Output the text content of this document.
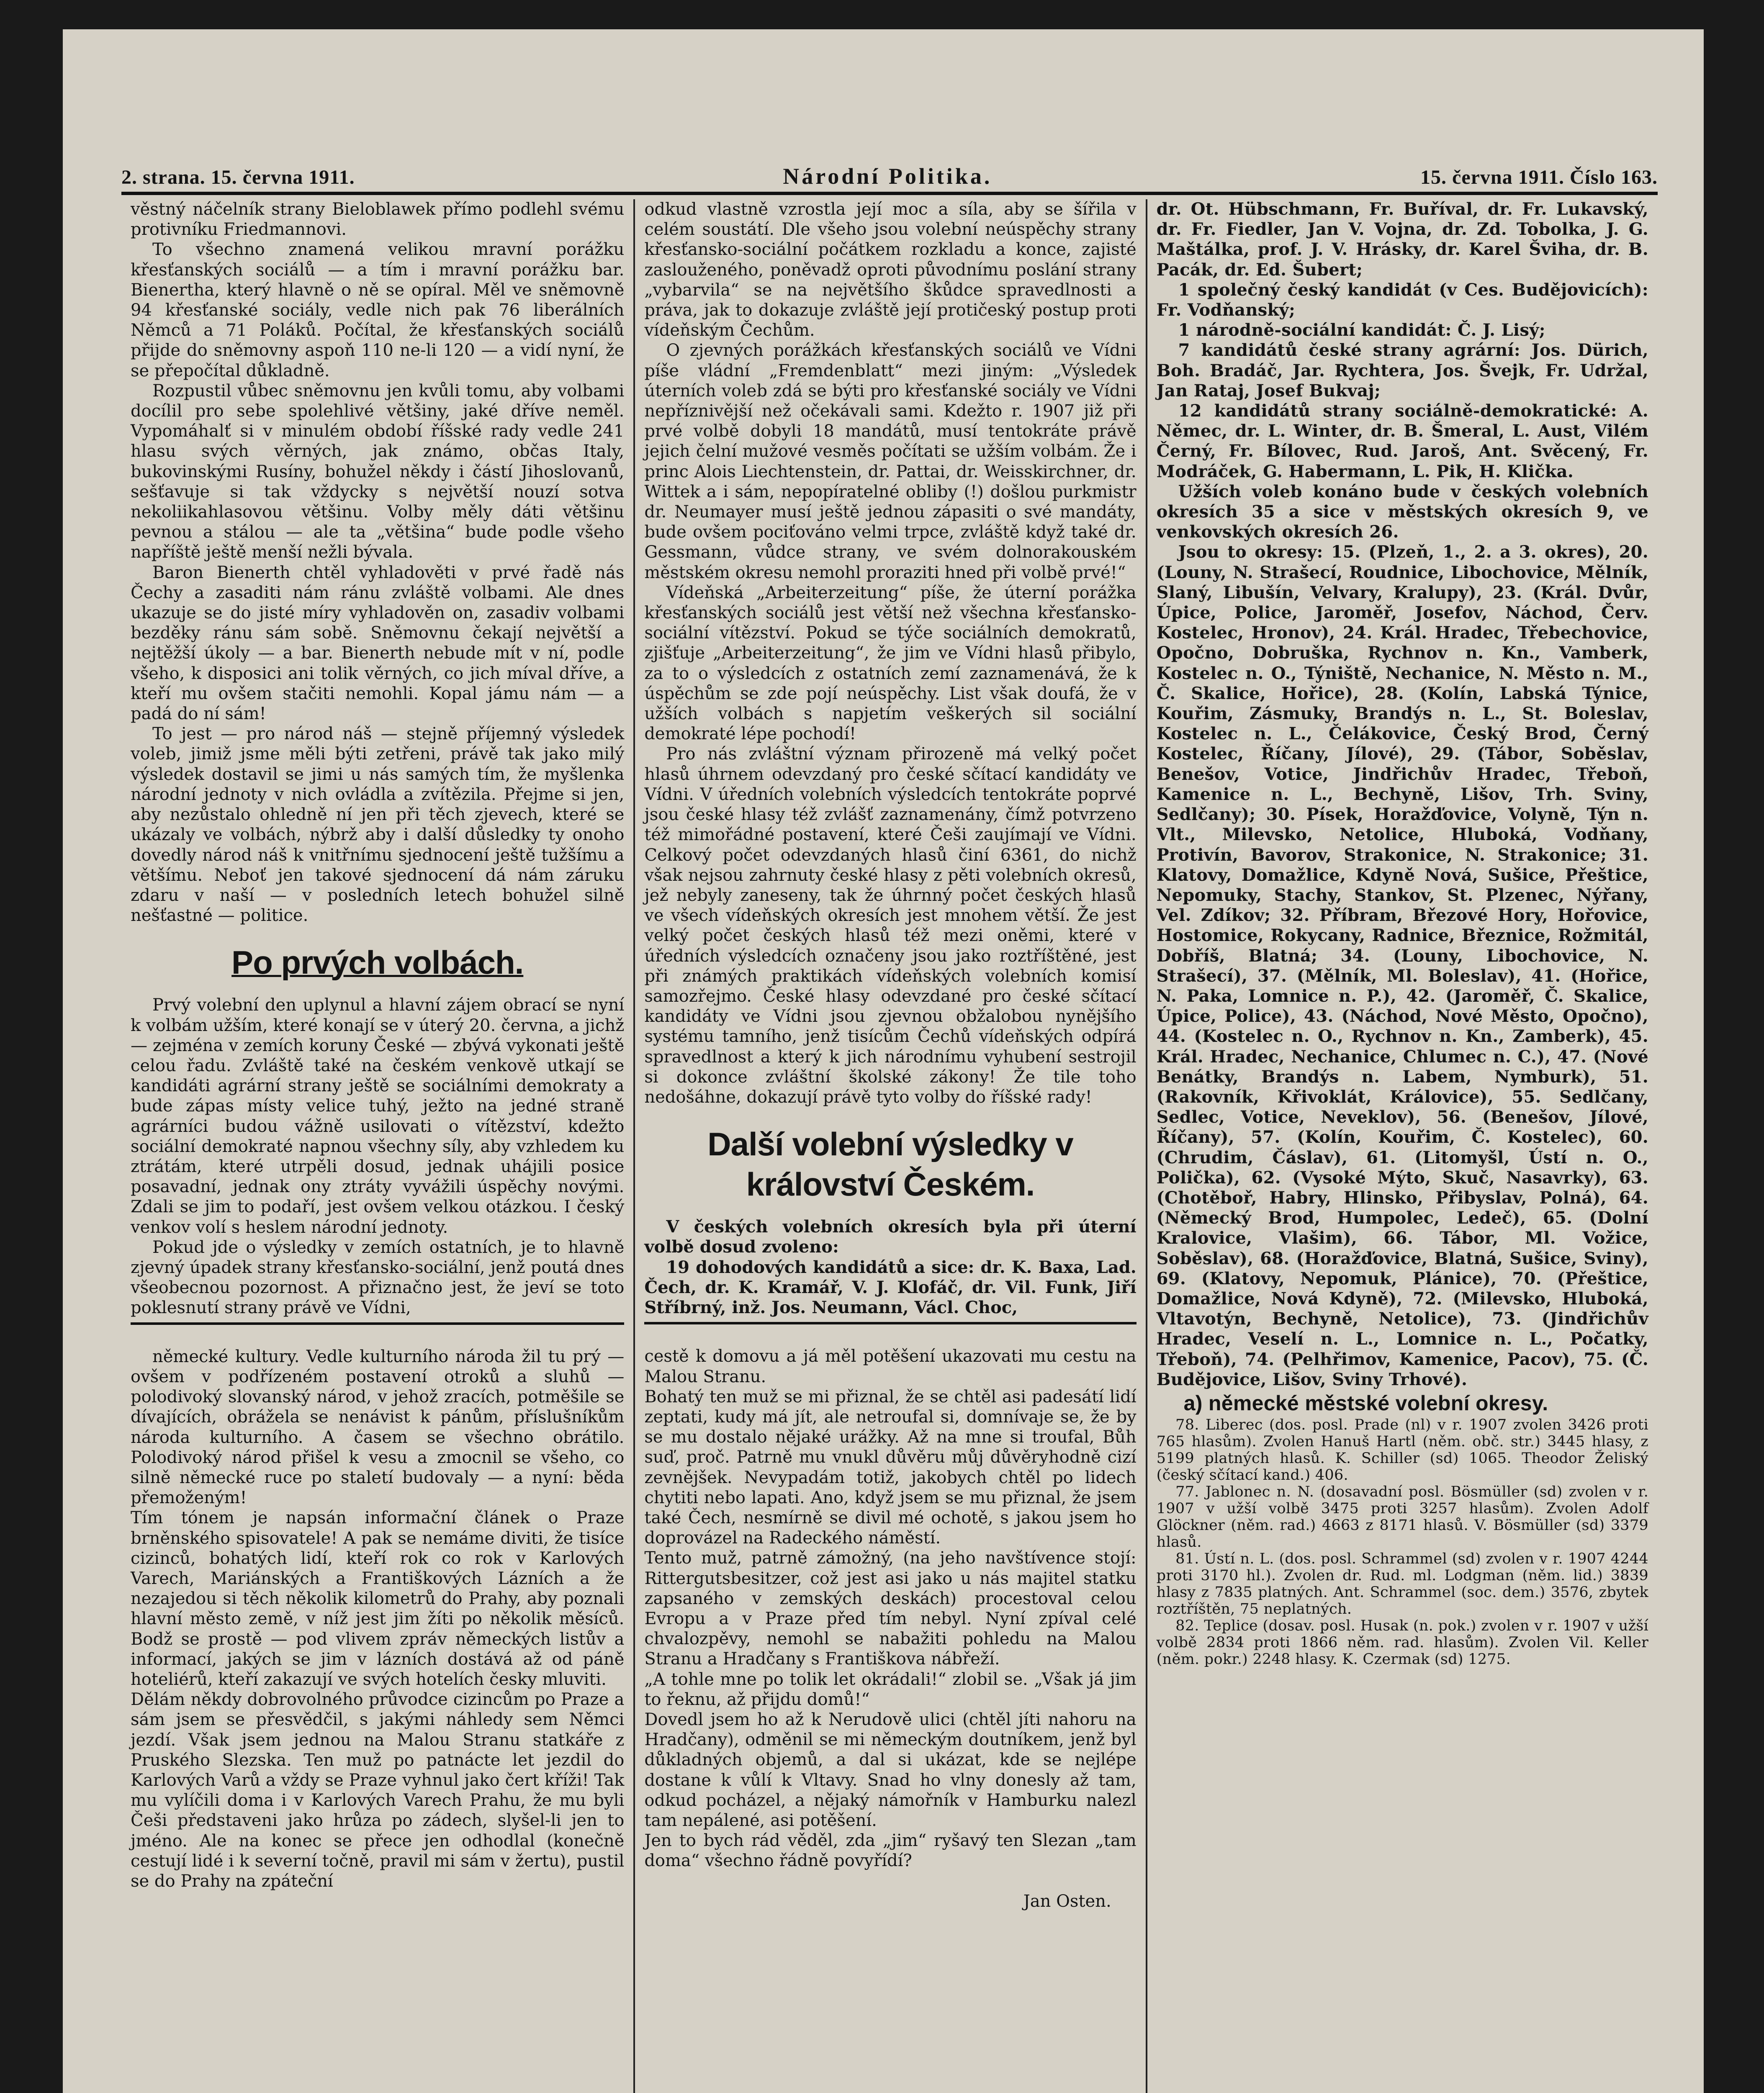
2. strana. 15. června 1911.	Národní Politika.	15. června 1911. Číslo 163.

věstný náčelník strany Bieloblawek přímo podlehl svému protivníku Friedmannovi.

To všechno znamená velikou mravní porážku křesťanských sociálů — a tím i mravní porážku bar. Bienertha, který hlavně o ně se opíral. Měl ve sněmovně 94 křesťanské sociály, vedle nich pak 76 liberálních Němců a 71 Poláků. Počítal, že křesťanských sociálů přijde do sněmovny aspoň 110 ne-li 120 — a vidí nyní, že se přepočítal důkladně.

Rozpustil vůbec sněmovnu jen kvůli tomu, aby volbami docílil pro sebe spolehlivé většiny, jaké dříve neměl. Vypomáhalť si v minulém období říšské rady vedle 241 hlasu svých věrných, jak známo, občas Italy, bukovinskými Rusíny, bohužel někdy i částí Jihoslovanů, sešťavuje si tak vždycky s největší nouzí sotva nekoliikahlasovou většinu. Volby měly dáti většinu pevnou a stálou — ale ta „většina“ bude podle všeho napříště ještě menší nežli bývala.

Baron Bienerth chtěl vyhladověti v prvé řadě nás Čechy a zasaditi nám ránu zvláště volbami. Ale dnes ukazuje se do jisté míry vyhladověn on, zasadiv volbami bezděky ránu sám sobě. Sněmovnu čekají největší a nejtěžší úkoly — a bar. Bienerth nebude mít v ní, podle všeho, k disposici ani tolik věrných, co jich míval dříve, a kteří mu ovšem stačiti nemohli. Kopal jámu nám — a padá do ní sám!

To jest — pro národ náš — stejně příjemný výsledek voleb, jimiž jsme měli býti zetřeni, právě tak jako milý výsledek dostavil se jimi u nás samých tím, že myšlenka národní jednoty v nich ovládla a zvítězila. Přejme si jen, aby nezůstalo ohledně ní jen při těch zjevech, které se ukázaly ve volbách, nýbrž aby i další důsledky ty onoho dovedly národ náš k vnitřnímu sjednocení ještě tužšímu a většímu. Neboť jen takové sjednocení dá nám záruku zdaru v naší — v posledních letech bohužel silně nešťastné — politice.

Po prvých volbách.

Prvý volební den uplynul a hlavní zájem obrací se nyní k volbám užším, které konají se v úterý 20. června, a jichž — zejména v zemích koruny České — zbývá vykonati ještě celou řadu. Zvláště také na českém venkově utkají se kandidáti agrární strany ještě se sociálními demokraty a bude zápas místy velice tuhý, ježto na jedné straně agrárníci budou vážně usilovati o vítězství, kdežto sociální demokraté napnou všechny síly, aby vzhledem ku ztrátám, které utrpěli dosud, jednak uhájili posice posavadní, jednak ony ztráty vyvážili úspěchy novými. Zdali se jim to podaří, jest ovšem velkou otázkou. I český venkov volí s heslem národní jednoty.

Pokud jde o výsledky v zemích ostatních, je to hlavně zjevný úpadek strany křesťansko-sociální, jenž poutá dnes všeobecnou pozornost. A přiznačno jest, že jeví se toto poklesnutí strany právě ve Vídni,

německé kultury. Vedle kulturního národa žil tu prý — ovšem v podřízeném postavení otroků a sluhů — polodivoký slovanský národ, v jehož zracích, potměšile se dívajících, obrážela se nenávist k pánům, příslušníkům národa kulturního. A časem se všechno obrátilo. Polodivoký národ přišel k vesu a zmocnil se všeho, co silně německé ruce po staletí budovaly — a nyní: běda přemoženým!
Tím tónem je napsán informační článek o Praze brněnského spisovatele! A pak se nemáme diviti, že tisíce cizinců, bohatých lidí, kteří rok co rok v Karlových Varech, Mariánských a Františkových Lázních a že nezajedou si těch několik kilometrů do Prahy, aby poznali hlavní město země, v níž jest jim žíti po několik měsíců. Bodž se prostě — pod vlivem zpráv německých listův a informací, jakých se jim v lázních dostává až od páně hoteliérů, kteří zakazují ve svých hotelích česky mluviti.
Dělám někdy dobrovolného průvodce cizincům po Praze a sám jsem se přesvědčil, s jakými náhledy sem Němci jezdí. Však jsem jednou na Malou Stranu statkáře z Pruského Slezska. Ten muž po patnácte let jezdil do Karlových Varů a vždy se Praze vyhnul jako čert kříži! Tak mu vylíčili doma i v Karlových Varech Prahu, že mu byli Češi představeni jako hrůza po zádech, slyšel-li jen to jméno. Ale na konec se přece jen odhodlal (konečně cestují lidé i k severní točně, pravil mi sám v žertu), pustil se do Prahy na zpáteční

odkud vlastně vzrostla její moc a síla, aby se šířila v celém soustátí. Dle všeho jsou volební neúspěchy strany křesťansko-sociální počátkem rozkladu a konce, zajisté zaslouženého, poněvadž oproti původnímu poslání strany „vybarvila“ se na největšího škůdce spravedlnosti a práva, jak to dokazuje zvláště její protičeský postup proti vídeňským Čechům.

O zjevných porážkách křesťanských sociálů ve Vídni píše vládní „Fremdenblatt“ mezi jiným: „Výsledek úterních voleb zdá se býti pro křesťanské sociály ve Vídni nepříznivější než očekávali sami. Kdežto r. 1907 již při prvé volbě dobyli 18 mandátů, musí tentokráte právě jejich čelní mužové vesměs počítati se užším volbám. Že i princ Alois Liechtenstein, dr. Pattai, dr. Weisskirchner, dr. Wittek a i sám, nepopíratelné obliby (!) došlou purkmistr dr. Neumayer musí ještě jednou zápasiti o své mandáty, bude ovšem pociťováno velmi trpce, zvláště když také dr. Gessmann, vůdce strany, ve svém dolnorakouském městském okresu nemohl proraziti hned při volbě prvé!“

Vídeňská „Arbeiterzeitung“ píše, že úterní porážka křesťanských sociálů jest větší než všechna křesťansko-sociální vítězství. Pokud se týče sociálních demokratů, zjišťuje „Arbeiterzeitung“, že jim ve Vídni hlasů přibylo, za to o výsledcích z ostatních zemí zaznamenává, že k úspěchům se zde pojí neúspěchy. List však doufá, že v užších volbách s napjetím veškerých sil sociální demokraté lépe pochodí!

Pro nás zvláštní význam přirozeně má velký počet hlasů úhrnem odevzdaný pro české sčítací kandidáty ve Vídni. V úředních volebních výsledcích tentokráte poprvé jsou české hlasy též zvlášť zaznamenány, čímž potvrzeno též mimořádné postavení, které Češi zaujímají ve Vídni. Celkový počet odevzdaných hlasů činí 6361, do nichž však nejsou zahrnuty české hlasy z pěti volebních okresů, jež nebyly zaneseny, tak že úhrnný počet českých hlasů ve všech vídeňských okresích jest mnohem větší. Že jest velký počet českých hlasů též mezi oněmi, které v úředních výsledcích označeny jsou jako roztříštěné, jest při známých praktikách vídeňských volebních komisí samozřejmo. České hlasy odevzdané pro české sčítací kandidáty ve Vídni jsou zjevnou obžalobou nynějšího systému tamního, jenž tisícům Čechů vídeňských odpírá spravedlnost a který k jich národnímu vyhubení sestrojil si dokonce zvláštní školské zákony! Že tile toho nedošáhne, dokazují právě tyto volby do říšské rady!

Další volební výsledky v království Českém.

V českých volebních okresích byla při úterní volbě dosud zvoleno:

19 dohodových kandidátů a sice: dr. K. Baxa, Lad. Čech, dr. K. Kramář, V. J. Klofáč, dr. Vil. Funk, Jiří Stříbrný, inž. Jos. Neumann, Václ. Choc,

cestě k domovu a já měl potěšení ukazovati mu cestu na Malou Stranu.
Bohatý ten muž se mi přiznal, že se chtěl asi padesátí lidí zeptati, kudy má jít, ale netroufal si, domnívaje se, že by se mu dostalo nějaké urážky. Až na mne si troufal, Bůh suď, proč. Patrně mu vnukl důvěru můj důvěryhodně cizí zevnějšek. Nevypadám totiž, jakobych chtěl po lidech chytiti nebo lapati. Ano, když jsem se mu přiznal, že jsem také Čech, nesmírně se divil mé ochotě, s jakou jsem ho doprovázel na Radeckého náměstí.
Tento muž, patrně zámožný, (na jeho navštívence stojí: Rittergutsbesitzer, což jest asi jako u nás majitel statku zapsaného v zemských deskách) procestoval celou Evropu a v Praze před tím nebyl. Nyní zpíval celé chvalozpěvy, nemohl se nabažiti pohledu na Malou Stranu a Hradčany s Františkova nábřeží.
„A tohle mne po tolik let okrádali!“ zlobil se. „Však já jim to řeknu, až přijdu domů!“
Dovedl jsem ho až k Nerudově ulici (chtěl jíti nahoru na Hradčany), odměnil se mi německým doutníkem, jenž byl důkladných objemů, a dal si ukázat, kde se nejlépe dostane k vůlí k Vltavy. Snad ho vlny donesly až tam, odkud pocházel, a nějaký námořník v Hamburku nalezl tam nepálené, asi potěšení.
Jen to bych rád věděl, zda „jim“ ryšavý ten Slezan „tam doma“ všechno řádně povyřídí?

Jan Osten.

dr. Ot. Hübschmann, Fr. Buříval, dr. Fr. Lukavský, dr. Fr. Fiedler, Jan V. Vojna, dr. Zd. Tobolka, J. G. Maštálka, prof. J. V. Hrásky, dr. Karel Šviha, dr. B. Pacák, dr. Ed. Šubert;

1 společný český kandidát (v Ces. Budějovicích): Fr. Vodňanský;

1 národně-sociální kandidát: Č. J. Lisý;

7 kandidátů české strany agrární: Jos. Dürich, Boh. Bradáč, Jar. Rychtera, Jos. Švejk, Fr. Udržal, Jan Rataj, Josef Bukvaj;

12 kandidátů strany sociálně-demokratické: A. Němec, dr. L. Winter, dr. B. Šmeral, L. Aust, Vilém Černý, Fr. Bílovec, Rud. Jaroš, Ant. Svěcený, Fr. Modráček, G. Habermann, L. Pik, H. Klička.

Užších voleb konáno bude v českých volebních okresích 35 a sice v městských okresích 9, ve venkovských okresích 26.

Jsou to okresy: 15. (Plzeň, 1., 2. a 3. okres), 20. (Louny, N. Strašecí, Roudnice, Libochovice, Mělník, Slaný, Libušín, Velvary, Kralupy), 23. (Král. Dvůr, Úpice, Police, Jaroměř, Josefov, Náchod, Červ. Kostelec, Hronov), 24. Král. Hradec, Třebechovice, Opočno, Dobruška, Rychnov n. Kn., Vamberk, Kostelec n. O., Týniště, Nechanice, N. Město n. M., Č. Skalice, Hořice), 28. (Kolín, Labská Týnice, Kouřim, Zásmuky, Brandýs n. L., St. Boleslav, Kostelec n. L., Čelákovice, Český Brod, Černý Kostelec, Říčany, Jílové), 29. (Tábor, Soběslav, Benešov, Votice, Jindřichův Hradec, Třeboň, Kamenice n. L., Bechyně, Lišov, Trh. Sviny, Sedlčany); 30. Písek, Horažďovice, Volyně, Týn n. Vlt., Milevsko, Netolice, Hluboká, Vodňany, Protivín, Bavorov, Strakonice, N. Strakonice; 31. Klatovy, Domažlice, Kdyně Nová, Sušice, Přeštice, Nepomuky, Stachy, Stankov, St. Plzenec, Nýřany, Vel. Zdíkov; 32. Příbram, Březové Hory, Hořovice, Hostomice, Rokycany, Radnice, Březnice, Rožmitál, Dobříš, Blatná; 34. (Louny, Libochovice, N. Strašecí), 37. (Mělník, Ml. Boleslav), 41. (Hořice, N. Paka, Lomnice n. P.), 42. (Jaroměř, Č. Skalice, Úpice, Police), 43. (Náchod, Nové Město, Opočno), 44. (Kostelec n. O., Rychnov n. Kn., Zamberk), 45. Král. Hradec, Nechanice, Chlumec n. C.), 47. (Nové Benátky, Brandýs n. Labem, Nymburk), 51. (Rakovník, Křivoklát, Královice), 55. Sedlčany, Sedlec, Votice, Neveklov), 56. (Benešov, Jílové, Říčany), 57. (Kolín, Kouřim, Č. Kostelec), 60. (Chrudim, Čáslav), 61. (Litomyšl, Ústí n. O., Polička), 62. (Vysoké Mýto, Skuč, Nasavrky), 63. (Chotěboř, Habry, Hlinsko, Přibyslav, Polná), 64. (Německý Brod, Humpolec, Ledeč), 65. (Dolní Kralovice, Vlašim), 66. Tábor, Ml. Vožice, Soběslav), 68. (Horažďovice, Blatná, Sušice, Sviny), 69. (Klatovy, Nepomuk, Plánice), 70. (Přeštice, Domažlice, Nová Kdyně), 72. (Milevsko, Hluboká, Vltavotýn, Bechyně, Netolice), 73. (Jindřichův Hradec, Veselí n. L., Lomnice n. L., Počatky, Třeboň), 74. (Pelhřimov, Kamenice, Pacov), 75. (Č. Budějovice, Lišov, Sviny Trhové).

a) německé městské volební okresy.

78. Liberec (dos. posl. Prade (nl) v r. 1907 zvolen 3426 proti 765 hlasům). Zvolen Hanuš Hartl (něm. obč. str.) 3445 hlasy, z 5199 platných hlasů. K. Schiller (sd) 1065. Theodor Želiský (český sčítací kand.) 406.

77. Jablonec n. N. (dosavadní posl. Bösmüller (sd) zvolen v r. 1907 v užší volbě 3475 proti 3257 hlasům). Zvolen Adolf Glöckner (něm. rad.) 4663 z 8171 hlasů. V. Bösmüller (sd) 3379 hlasů.

81. Ústí n. L. (dos. posl. Schrammel (sd) zvolen v r. 1907 4244 proti 3170 hl.). Zvolen dr. Rud. ml. Lodgman (něm. lid.) 3839 hlasy z 7835 platných. Ant. Schrammel (soc. dem.) 3576, zbytek roztříštěn, 75 neplatných.

82. Teplice (dosav. posl. Husak (n. pok.) zvolen v r. 1907 v užší volbě 2834 proti 1866 něm. rad. hlasům). Zvolen Vil. Keller (něm. pokr.) 2248 hlasy. K. Czermak (sd) 1275.
